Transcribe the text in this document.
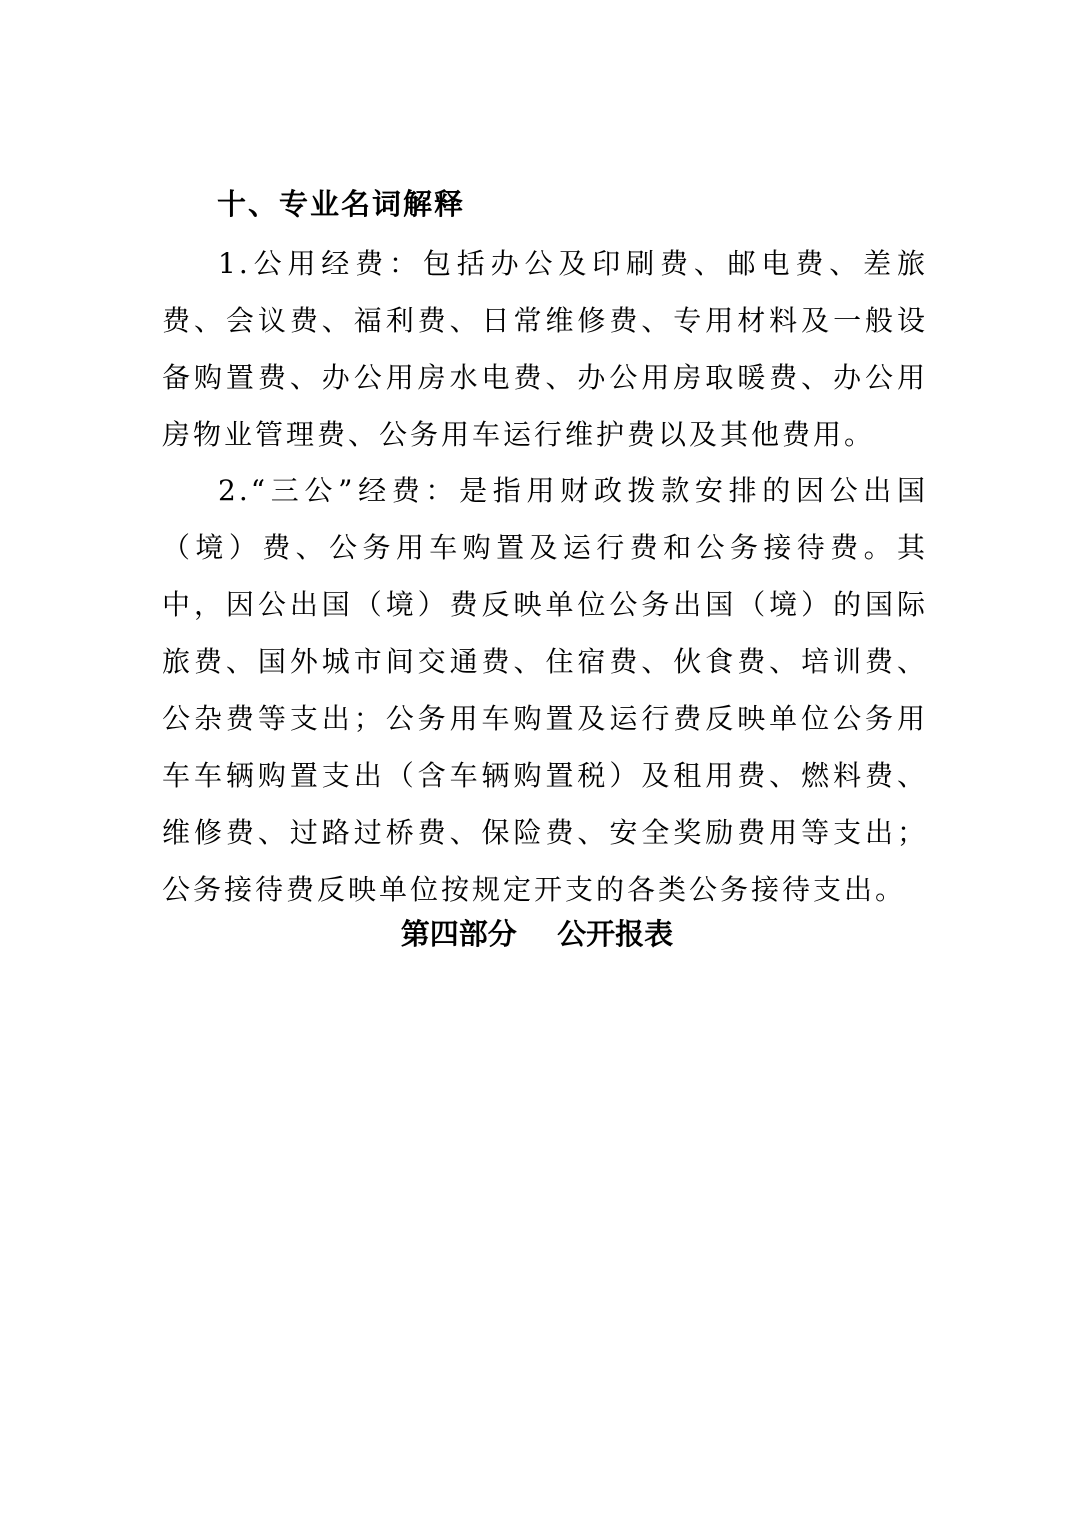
十、专业名词解释

1.公用经费：包括办公及印刷费、邮电费、差旅费、会议费、福利费、日常维修费、专用材料及一般设备购置费、办公用房水电费、办公用房取暖费、办公用房物业管理费、公务用车运行维护费以及其他费用。

2.“三公”经费：是指用财政拨款安排的因公出国（境）费、公务用车购置及运行费和公务接待费。其中，因公出国（境）费反映单位公务出国（境）的国际旅费、国外城市间交通费、住宿费、伙食费、培训费、公杂费等支出；公务用车购置及运行费反映单位公务用车车辆购置支出（含车辆购置税）及租用费、燃料费、维修费、过路过桥费、保险费、安全奖励费用等支出；公务接待费反映单位按规定开支的各类公务接待支出。

第四部分    公开报表
